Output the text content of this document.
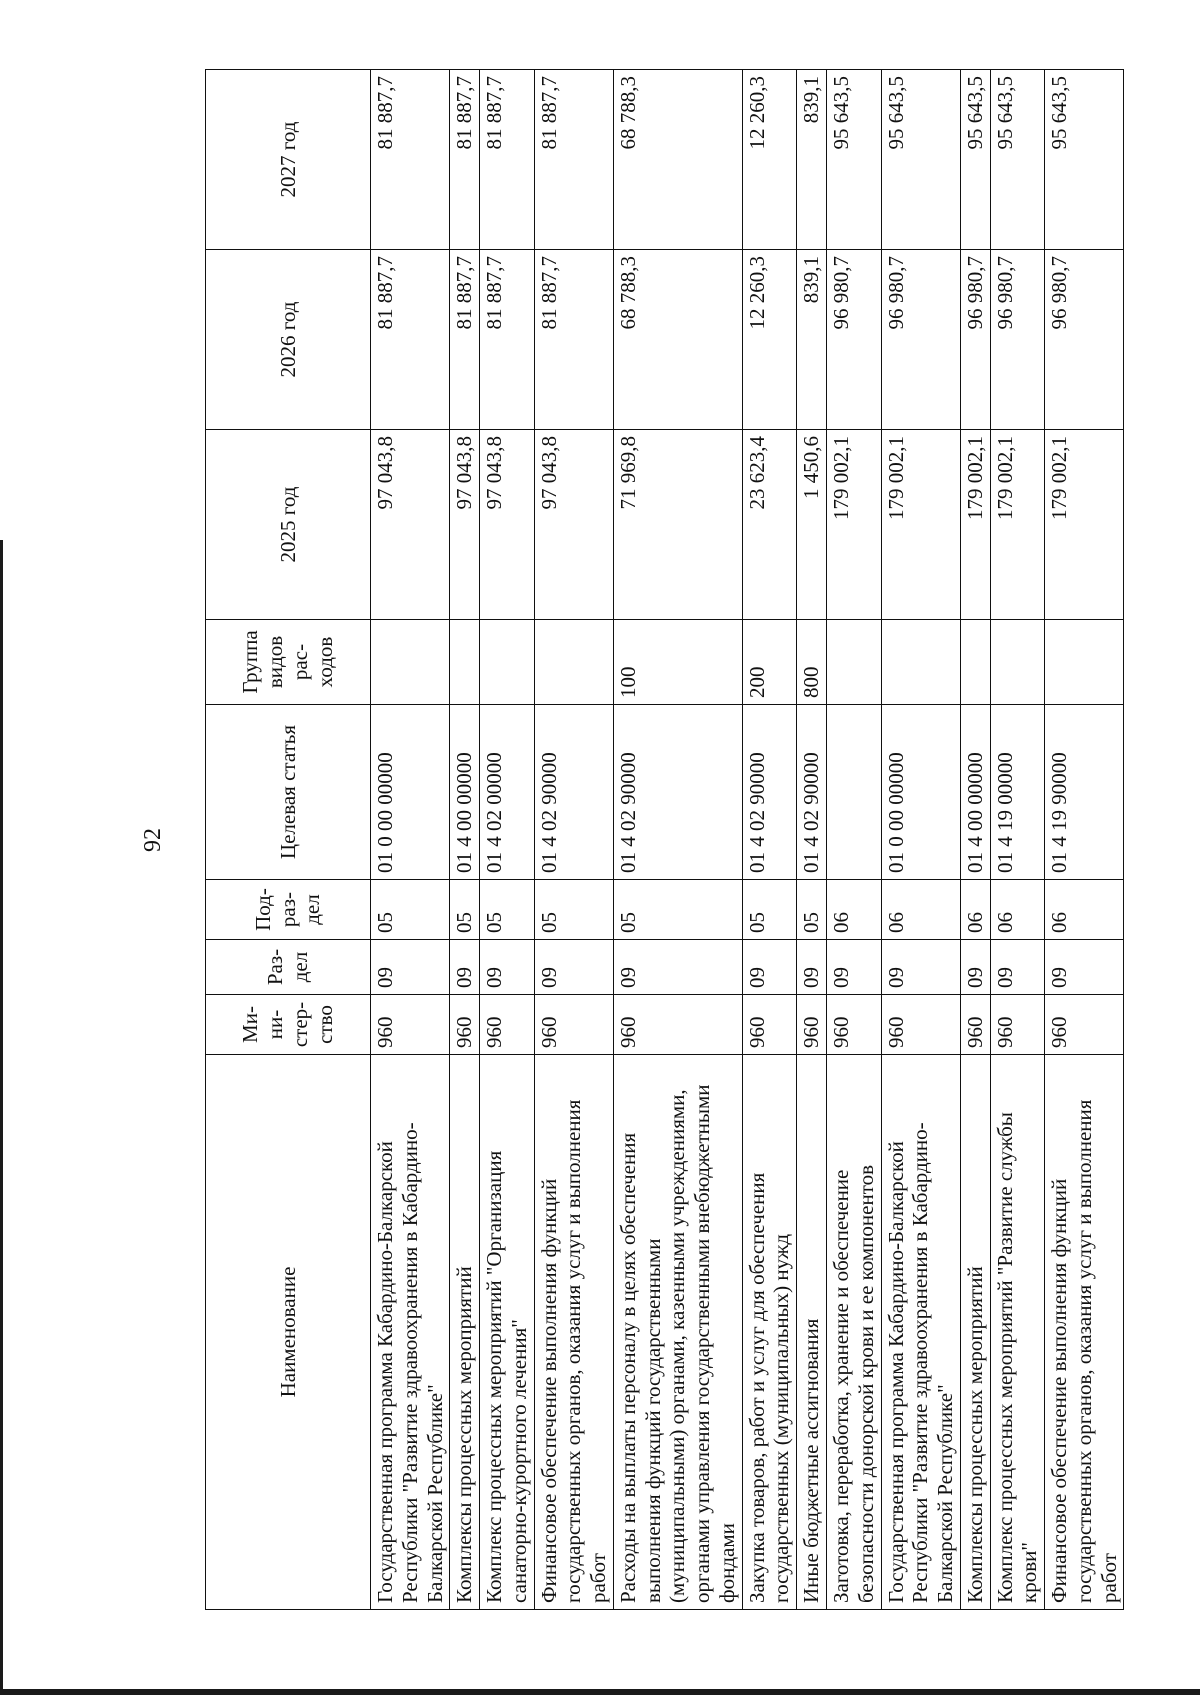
92
Наименование	Ми- ни- стер- ство	Раз- дел	Под- раз- дел	Целевая статья	Группа видов рас- ходов	2025 год	2026 год	2027 год
Государственная программа Кабардино-Балкарской Республики "Развитие здравоохранения в Кабардино-Балкарской Республике"	960	09	05	01 0 00 00000		97 043,8	81 887,7	81 887,7
Комплексы процессных мероприятий	960	09	05	01 4 00 00000		97 043,8	81 887,7	81 887,7
Комплекс процессных мероприятий "Организация санаторно-курортного лечения"	960	09	05	01 4 02 00000		97 043,8	81 887,7	81 887,7
Финансовое обеспечение выполнения функций государственных органов, оказания услуг и выполнения работ	960	09	05	01 4 02 90000		97 043,8	81 887,7	81 887,7
Расходы на выплаты персоналу в целях обеспечения выполнения функций государственными (муниципальными) органами, казенными учреждениями, органами управления государственными внебюджетными фондами	960	09	05	01 4 02 90000	100	71 969,8	68 788,3	68 788,3
Закупка товаров, работ и услуг для обеспечения государственных (муниципальных) нужд	960	09	05	01 4 02 90000	200	23 623,4	12 260,3	12 260,3
Иные бюджетные ассигнования	960	09	05	01 4 02 90000	800	1 450,6	839,1	839,1
Заготовка, переработка, хранение и обеспечение безопасности донорской крови и ее компонентов	960	09	06			179 002,1	96 980,7	95 643,5
Государственная программа Кабардино-Балкарской Республики "Развитие здравоохранения в Кабардино-Балкарской Республике"	960	09	06	01 0 00 00000		179 002,1	96 980,7	95 643,5
Комплексы процессных мероприятий	960	09	06	01 4 00 00000		179 002,1	96 980,7	95 643,5
Комплекс процессных мероприятий "Развитие службы крови"	960	09	06	01 4 19 00000		179 002,1	96 980,7	95 643,5
Финансовое обеспечение выполнения функций государственных органов, оказания услуг и выполнения работ	960	09	06	01 4 19 90000		179 002,1	96 980,7	95 643,5
